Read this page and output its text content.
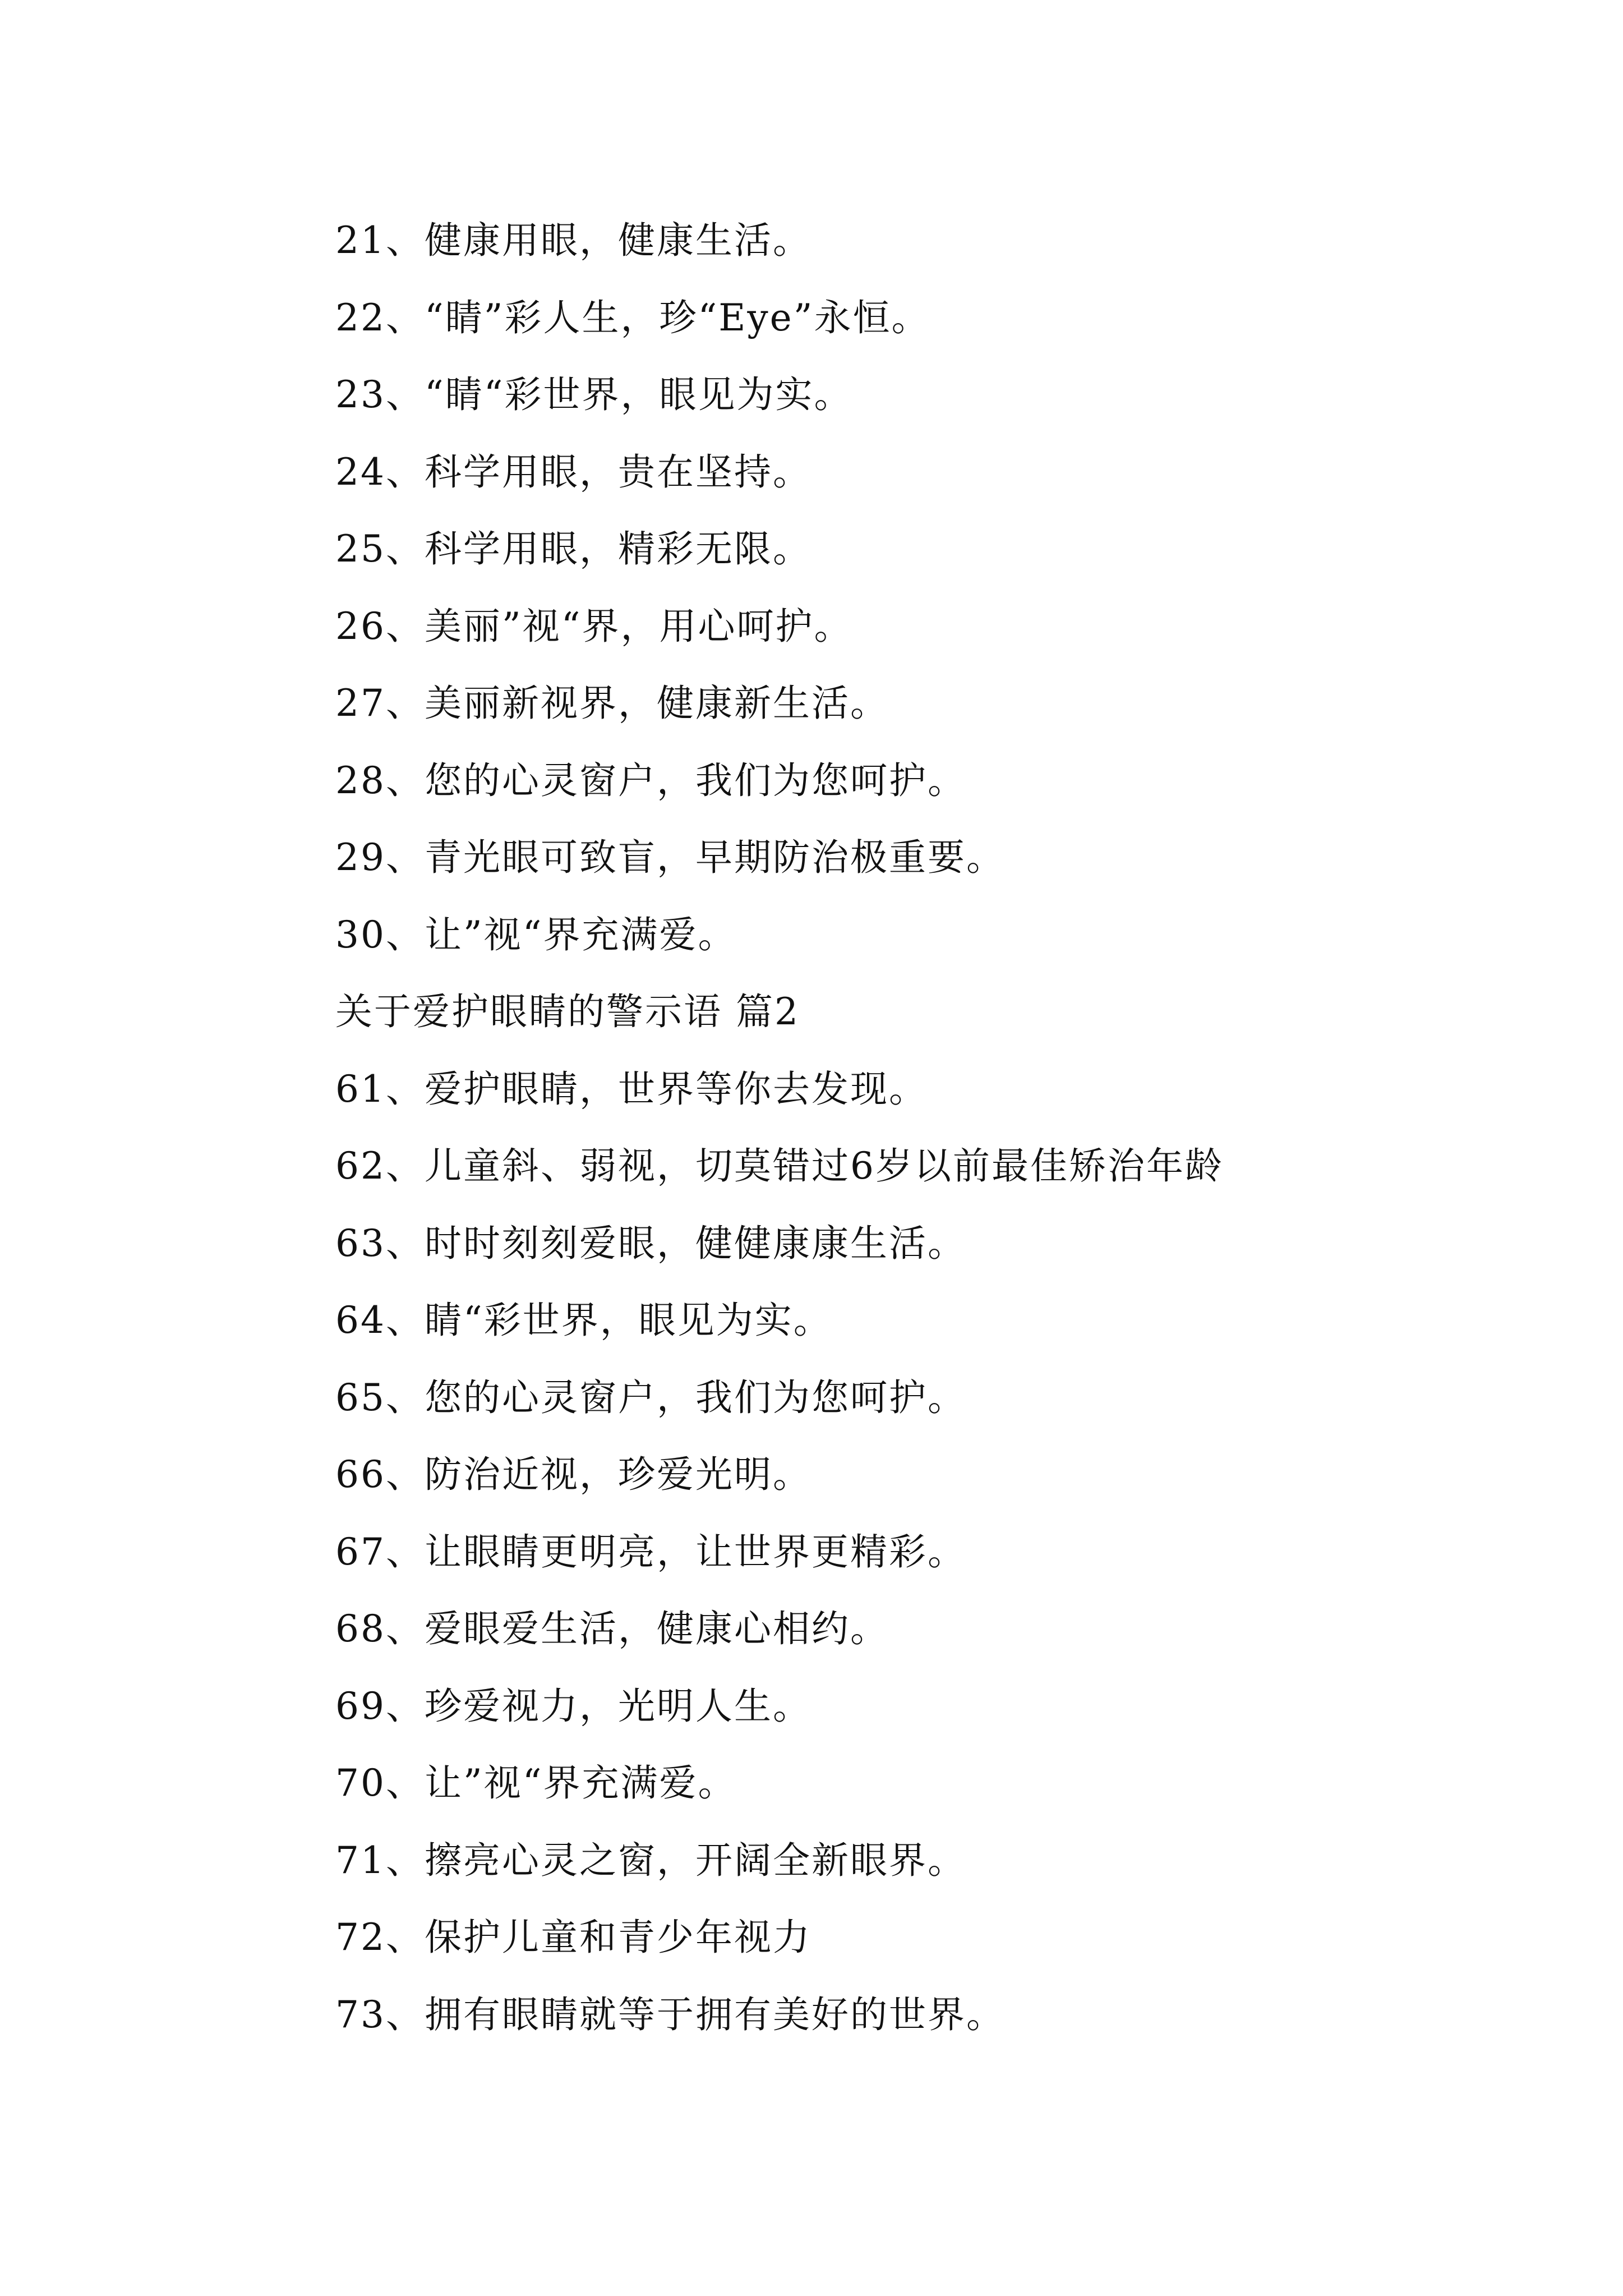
21、健康用眼，健康生活。
22、“睛”彩人生，珍“Eye”永恒。
23、“睛“彩世界，眼见为实。
24、科学用眼，贵在坚持。
25、科学用眼，精彩无限。
26、美丽”视“界，用心呵护。
27、美丽新视界，健康新生活。
28、您的心灵窗户，我们为您呵护。
29、青光眼可致盲，早期防治极重要。
30、让”视“界充满爱。
关于爱护眼睛的警示语 篇2
61、爱护眼睛，世界等你去发现。
62、儿童斜、弱视，切莫错过6岁以前最佳矫治年龄
63、时时刻刻爱眼，健健康康生活。
64、睛“彩世界，眼见为实。
65、您的心灵窗户，我们为您呵护。
66、防治近视，珍爱光明。
67、让眼睛更明亮，让世界更精彩。
68、爱眼爱生活，健康心相约。
69、珍爱视力，光明人生。
70、让”视“界充满爱。
71、擦亮心灵之窗，开阔全新眼界。
72、保护儿童和青少年视力
73、拥有眼睛就等于拥有美好的世界。
